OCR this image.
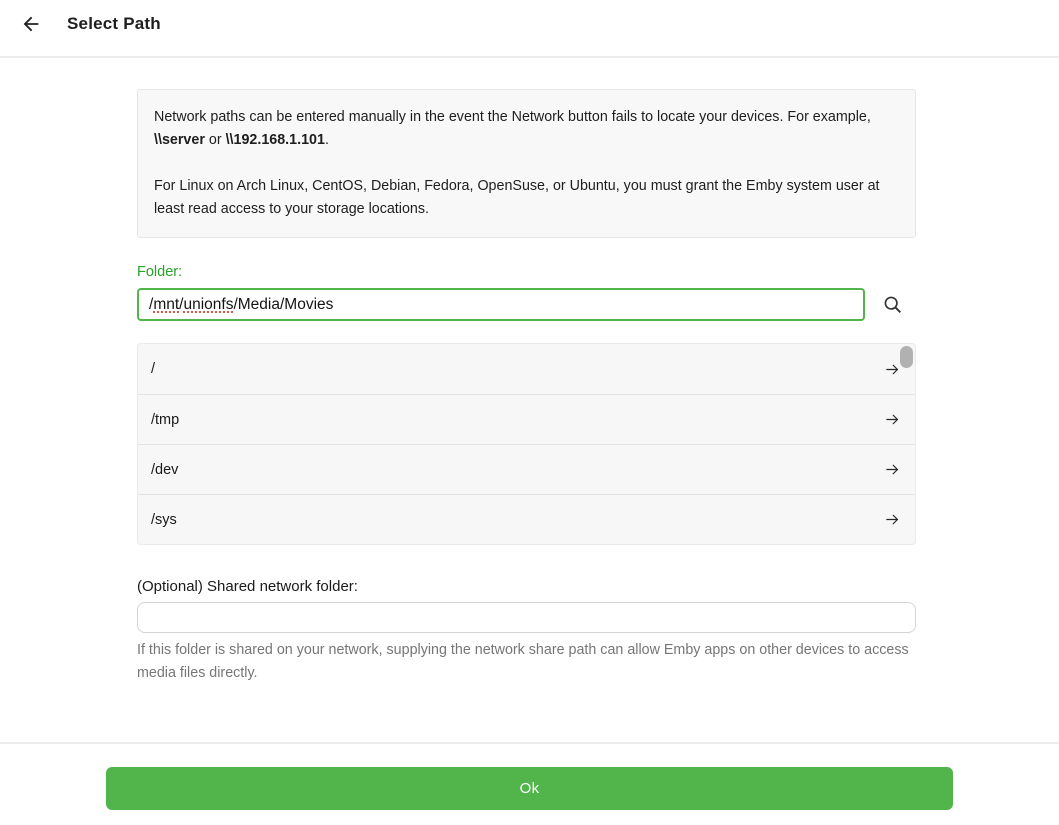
Select Path

Network paths can be entered manually in the event the Network button fails to locate your devices. For example, \\server or \\192.168.1.101.

For Linux on Arch Linux, CentOS, Debian, Fedora, OpenSuse, or Ubuntu, you must grant the Emby system user at least read access to your storage locations.

Folder:
/ mnt / unionfs /Media/Movies
/
/tmp
/dev
/sys
(Optional) Shared network folder:
If this folder is shared on your network, supplying the network share path can allow Emby apps on other devices to access media files directly.
Ok
